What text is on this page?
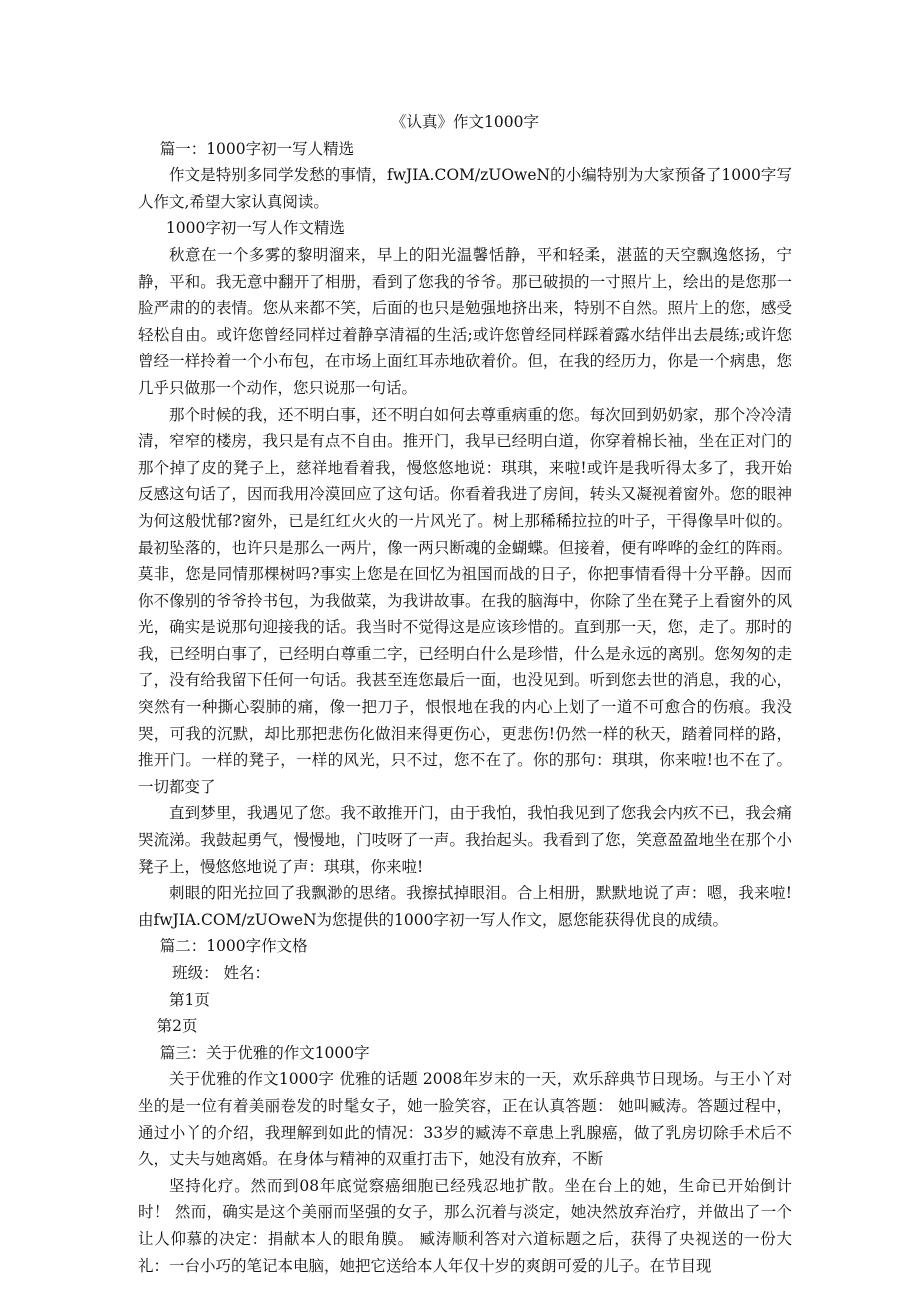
《认真》作文1000字

篇一：1000字初一写人精选

作文是特别多同学发愁的事情，fwJIA.COM/zUOweN的小编特别为大家预备了1000字写人作文,希望大家认真阅读。

1000字初一写人作文精选

秋意在一个多雾的黎明溜来，早上的阳光温馨恬静，平和轻柔，湛蓝的天空飘逸悠扬，宁静，平和。我无意中翻开了相册，看到了您我的爷爷。那已破损的一寸照片上，绘出的是您那一脸严肃的的表情。您从来都不笑，后面的也只是勉强地挤出来，特别不自然。照片上的您，感受轻松自由。或许您曾经同样过着静享清福的生活;或许您曾经同样踩着露水结伴出去晨练;或许您曾经一样拎着一个小布包，在市场上面红耳赤地砍着价。但，在我的经历力，你是一个病患，您几乎只做那一个动作，您只说那一句话。

那个时候的我，还不明白事，还不明白如何去尊重病重的您。每次回到奶奶家，那个冷冷清清，窄窄的楼房，我只是有点不自由。推开门，我早已经明白道，你穿着棉长袖，坐在正对门的那个掉了皮的凳子上，慈祥地看着我，慢悠悠地说：琪琪，来啦!或许是我听得太多了，我开始反感这句话了，因而我用冷漠回应了这句话。你看着我进了房间，转头又凝视着窗外。您的眼神为何这般忧郁?窗外，已是红红火火的一片风光了。树上那稀稀拉拉的叶子，干得像旱叶似的。最初坠落的，也许只是那么一两片，像一两只断魂的金蝴蝶。但接着，便有哗哗的金红的阵雨。莫非，您是同情那棵树吗?事实上您是在回忆为祖国而战的日子，你把事情看得十分平静。因而你不像别的爷爷拎书包，为我做菜，为我讲故事。在我的脑海中，你除了坐在凳子上看窗外的风光，确实是说那句迎接我的话。我当时不觉得这是应该珍惜的。直到那一天，您，走了。那时的我，已经明白事了，已经明白尊重二字，已经明白什么是珍惜，什么是永远的离别。您匆匆的走了，没有给我留下任何一句话。我甚至连您最后一面，也没见到。听到您去世的消息，我的心，突然有一种撕心裂肺的痛，像一把刀子，恨恨地在我的内心上划了一道不可愈合的伤痕。我没哭，可我的沉默，却比那把悲伤化做泪来得更伤心，更悲伤!仍然一样的秋天，踏着同样的路，推开门。一样的凳子，一样的风光，只不过，您不在了。你的那句：琪琪，你来啦!也不在了。一切都变了

直到梦里，我遇见了您。我不敢推开门，由于我怕，我怕我见到了您我会内疚不已，我会痛哭流涕。我鼓起勇气，慢慢地，门吱呀了一声。我抬起头。我看到了您，笑意盈盈地坐在那个小凳子上，慢悠悠地说了声：琪琪，你来啦!

刺眼的阳光拉回了我飘渺的思绪。我擦拭掉眼泪。合上相册，默默地说了声：嗯，我来啦! 由fwJIA.COM/zUOweN为您提供的1000字初一写人作文，愿您能获得优良的成绩。

篇二：1000字作文格

班级： 姓名：

第1页

第2页

篇三：关于优雅的作文1000字

关于优雅的作文1000字 优雅的话题 2008年岁末的一天，欢乐辞典节日现场。与王小丫对坐的是一位有着美丽卷发的时髦女子，她一脸笑容，正在认真答题： 她叫臧涛。答题过程中，通过小丫的介绍，我理解到如此的情况：33岁的臧涛不章患上乳腺癌，做了乳房切除手术后不久，丈夫与她离婚。在身体与精神的双重打击下，她没有放弃，不断

坚持化疗。然而到08年底觉察癌细胞已经残忍地扩散。坐在台上的她，生命已开始倒计时！ 然而，确实是这个美丽而坚强的女子，那么沉着与淡定，她决然放弃治疗，并做出了一个让人仰慕的决定：捐献本人的眼角膜。 臧涛顺利答对六道标题之后，获得了央视送的一份大礼：一台小巧的笔记本电脑，她把它送给本人年仅十岁的爽朗可爱的儿子。在节目现
